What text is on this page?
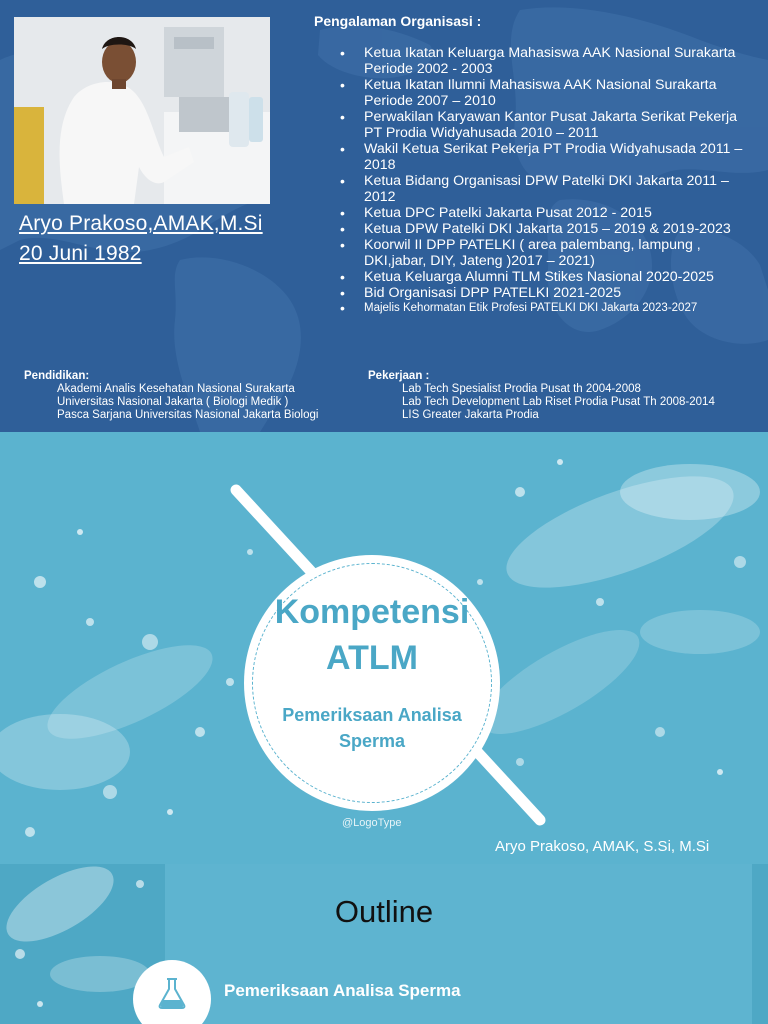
Aryo Prakoso,AMAK,M.Si
20 Juni 1982
Pengalaman Organisasi :
• Ketua Ikatan Keluarga Mahasiswa AAK Nasional Surakarta Periode 2002 - 2003
• Ketua Ikatan Ilumni Mahasiswa AAK Nasional Surakarta Periode 2007 – 2010
• Perwakilan Karyawan Kantor Pusat Jakarta Serikat Pekerja PT Prodia Widyahusada 2010 – 2011
• Wakil Ketua Serikat Pekerja PT Prodia Widyahusada 2011 – 2018
• Ketua Bidang Organisasi DPW Patelki DKI Jakarta 2011 – 2012
• Ketua DPC Patelki Jakarta Pusat 2012 - 2015
• Ketua DPW Patelki DKI Jakarta 2015 – 2019 & 2019-2023
• Koorwil II DPP PATELKI ( area palembang, lampung , DKI,jabar, DIY, Jateng )2017 – 2021)
• Ketua Keluarga Alumni TLM Stikes Nasional 2020-2025
• Bid Organisasi DPP PATELKI 2021-2025
• Majelis Kehormatan Etik Profesi PATELKI DKI Jakarta 2023-2027
Pendidikan:
Akademi Analis Kesehatan Nasional Surakarta
Universitas Nasional Jakarta ( Biologi Medik )
Pasca Sarjana Universitas Nasional Jakarta Biologi
Pekerjaan :
Lab Tech Spesialist Prodia Pusat th 2004-2008
Lab Tech Development Lab Riset Prodia Pusat Th 2008-2014
LIS Greater Jakarta Prodia
Kompetensi
ATLM
Pemeriksaan Analisa
Sperma
@LogoType
Aryo Prakoso, AMAK, S.Si, M.Si
Outline
Pemeriksaan Analisa Sperma
